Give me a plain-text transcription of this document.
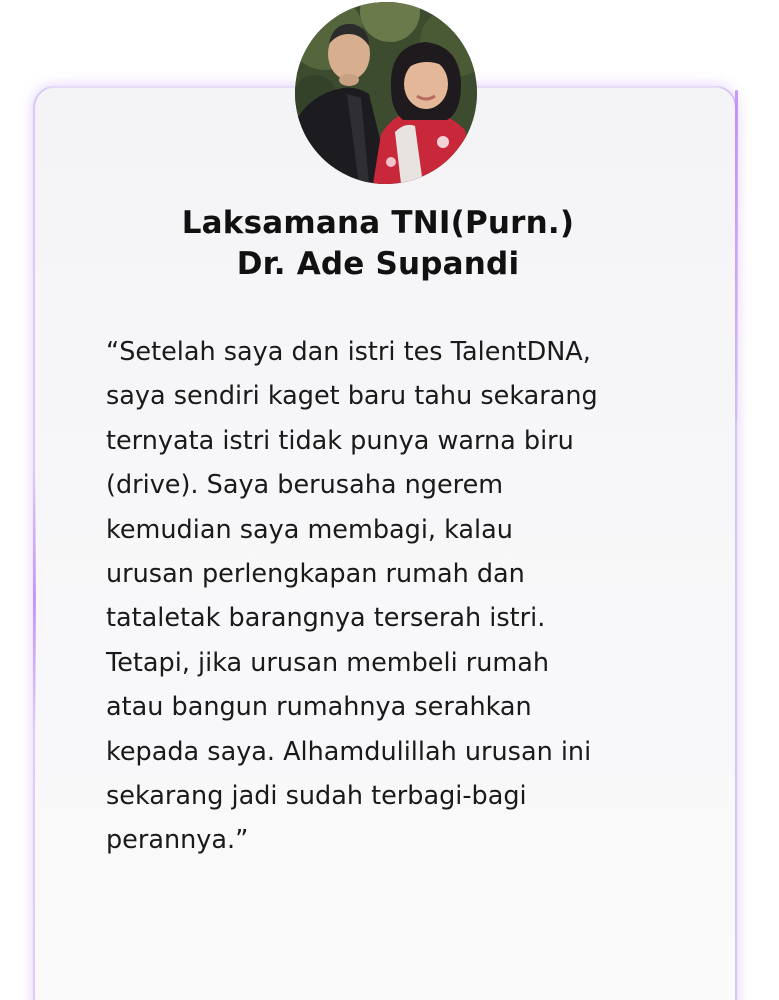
Laksamana TNI(Purn.)
Dr. Ade Supandi

“Setelah saya dan istri tes TalentDNA,
saya sendiri kaget baru tahu sekarang
ternyata istri tidak punya warna biru
(drive). Saya berusaha ngerem
kemudian saya membagi, kalau
urusan perlengkapan rumah dan
tataletak barangnya terserah istri.
Tetapi, jika urusan membeli rumah
atau bangun rumahnya serahkan
kepada saya. Alhamdulillah urusan ini
sekarang jadi sudah terbagi-bagi
perannya.”
